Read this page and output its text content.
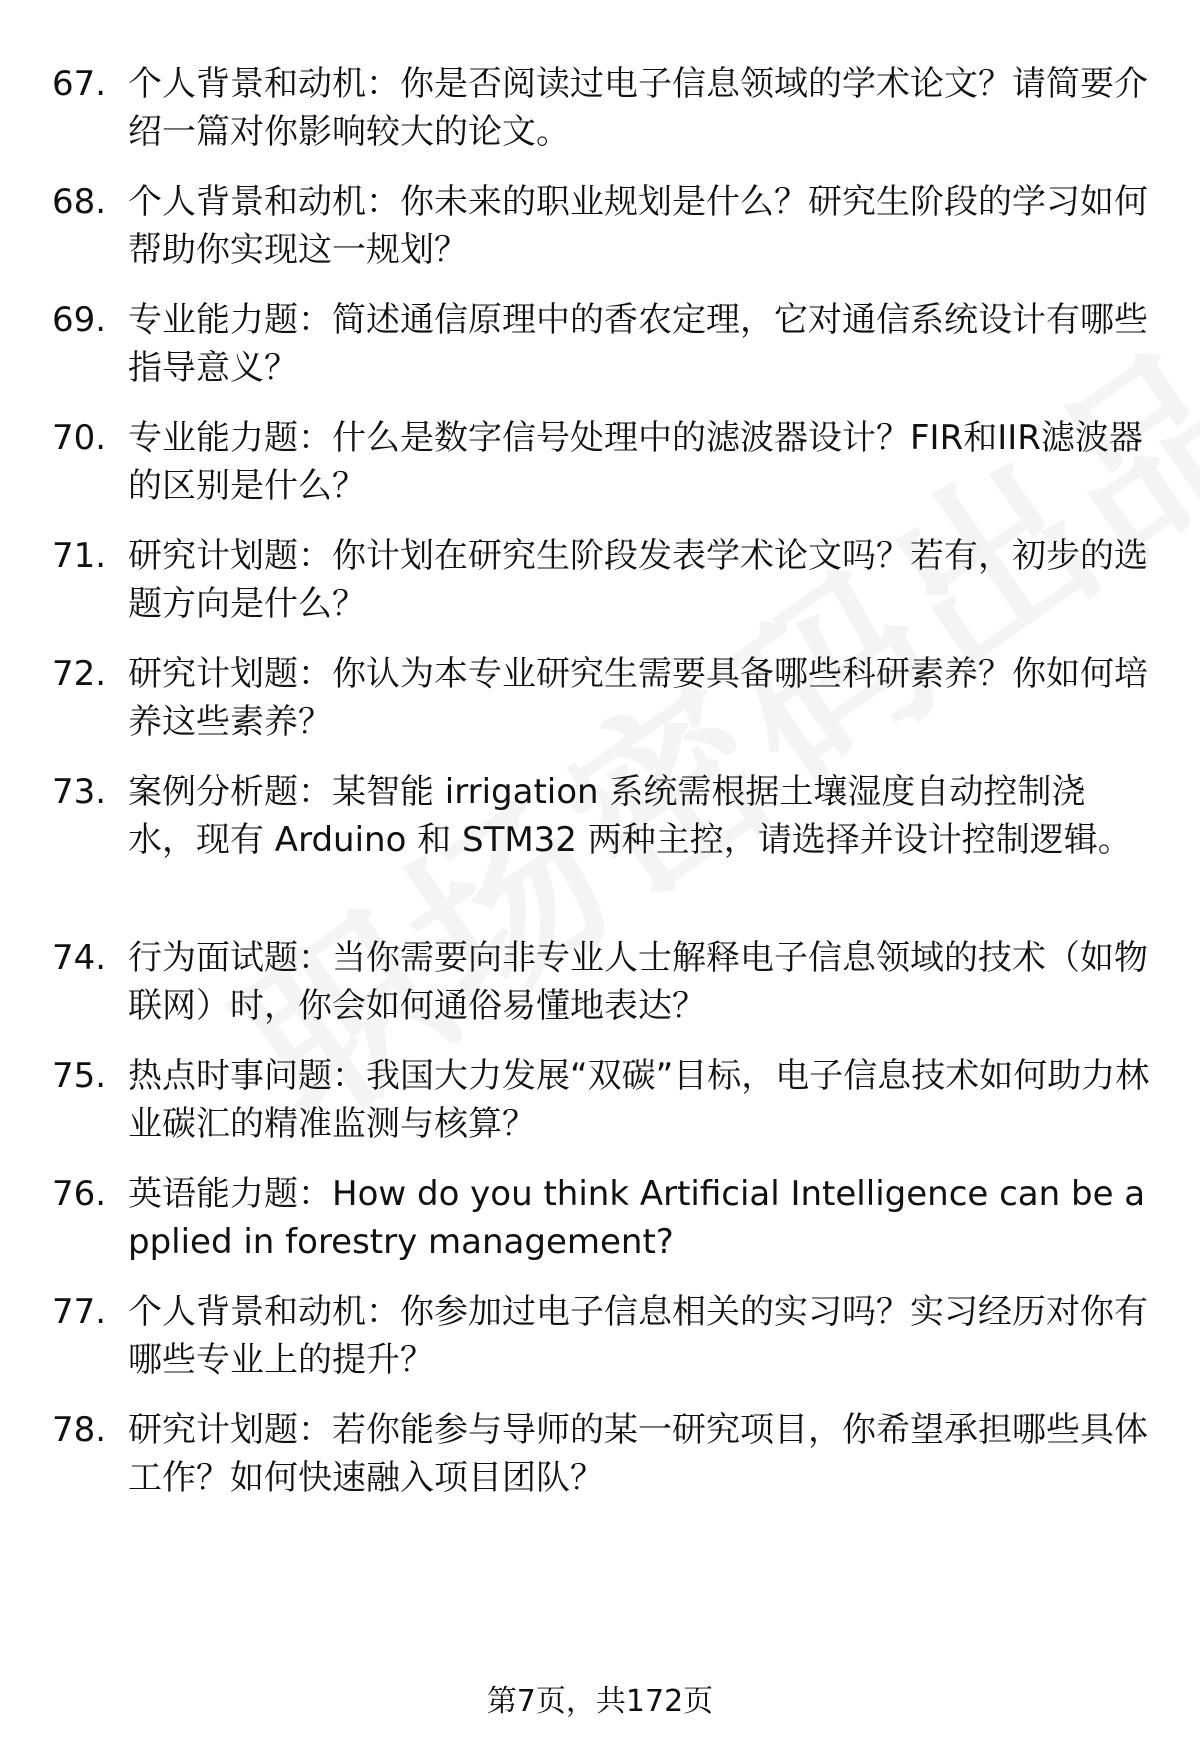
67. 个人背景和动机：你是否阅读过电子信息领域的学术论文？请简要介绍一篇对你影响较大的论文。
68. 个人背景和动机：你未来的职业规划是什么？研究生阶段的学习如何帮助你实现这一规划？
69. 专业能力题：简述通信原理中的香农定理，它对通信系统设计有哪些指导意义？
70. 专业能力题：什么是数字信号处理中的滤波器设计？FIR和IIR滤波器的区别是什么？
71. 研究计划题：你计划在研究生阶段发表学术论文吗？若有，初步的选题方向是什么？
72. 研究计划题：你认为本专业研究生需要具备哪些科研素养？你如何培养这些素养？
73. 案例分析题：某智能 irrigation 系统需根据土壤湿度自动控制浇水，现有 Arduino 和 STM32 两种主控，请选择并设计控制逻辑。
74. 行为面试题：当你需要向非专业人士解释电子信息领域的技术（如物联网）时，你会如何通俗易懂地表达？
75. 热点时事问题：我国大力发展“双碳”目标，电子信息技术如何助力林业碳汇的精准监测与核算？
76. 英语能力题：How do you think Artificial Intelligence can be applied in forestry management?
77. 个人背景和动机：你参加过电子信息相关的实习吗？实习经历对你有哪些专业上的提升？
78. 研究计划题：若你能参与导师的某一研究项目，你希望承担哪些具体工作？如何快速融入项目团队？
第7页，共172页
